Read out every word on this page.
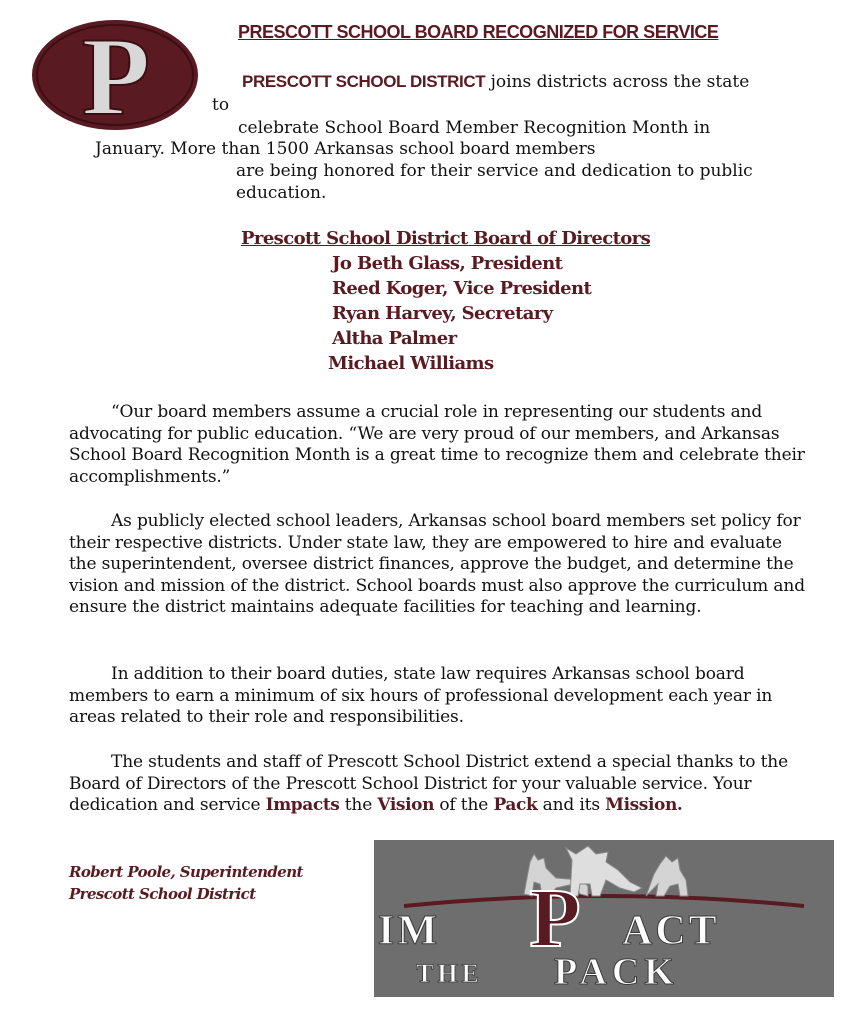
P	PRESCOTT SCHOOL BOARD RECOGNIZED FOR SERVICE
PRESCOTT SCHOOL DISTRICT joins districts across the state
to
celebrate School Board Member Recognition Month in
January. More than 1500 Arkansas school board members
are being honored for their service and dedication to public
education.
Prescott School District Board of Directors
Jo Beth Glass, President
Reed Koger, Vice President
Ryan Harvey, Secretary
Altha Palmer
Michael Williams
“Our board members assume a crucial role in representing our students and advocating for public education. “We are very proud of our members, and Arkansas School Board Recognition Month is a great time to recognize them and celebrate their accomplishments.”
As publicly elected school leaders, Arkansas school board members set policy for their respective districts. Under state law, they are empowered to hire and evaluate the superintendent, oversee district finances, approve the budget, and determine the vision and mission of the district. School boards must also approve the curriculum and ensure the district maintains adequate facilities for teaching and learning.
In addition to their board duties, state law requires Arkansas school board members to earn a minimum of six hours of professional development each year in areas related to their role and responsibilities.
The students and staff of Prescott School District extend a special thanks to the Board of Directors of the Prescott School District for your valuable service. Your dedication and service Impacts the Vision of the Pack and its Mission.
Robert Poole, Superintendent
Prescott School District
IM P ACT
THE PACK
